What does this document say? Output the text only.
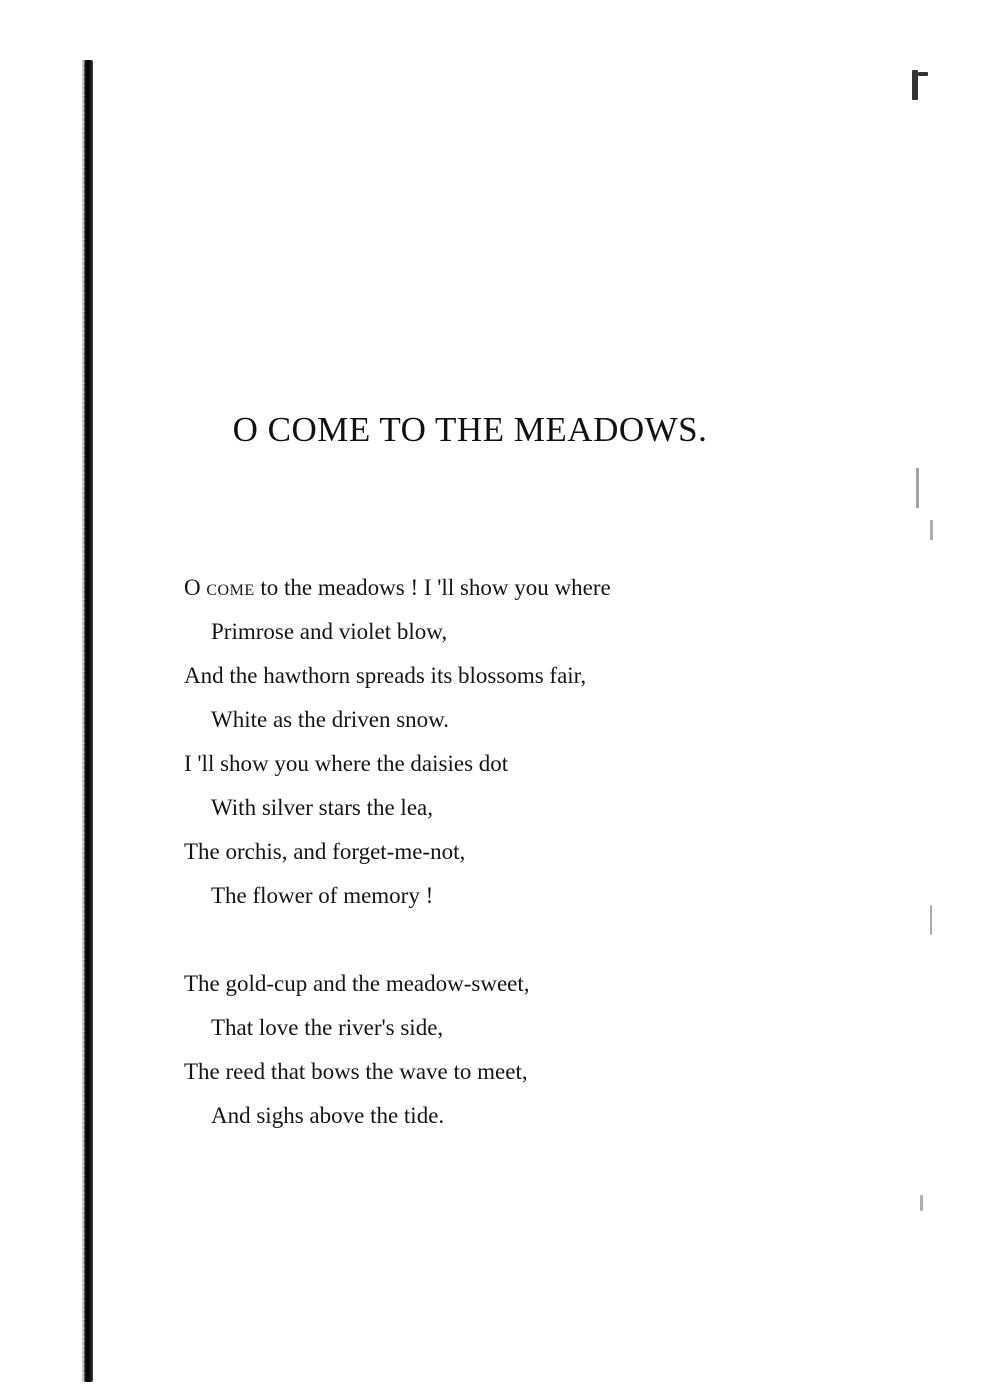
O COME TO THE MEADOWS.
O come to the meadows ! I 'll show you where
Primrose and violet blow,
And the hawthorn spreads its blossoms fair,
White as the driven snow.
I 'll show you where the daisies dot
With silver stars the lea,
The orchis, and forget-me-not,
The flower of memory !
The gold-cup and the meadow-sweet,
That love the river's side,
The reed that bows the wave to meet,
And sighs above the tide.
